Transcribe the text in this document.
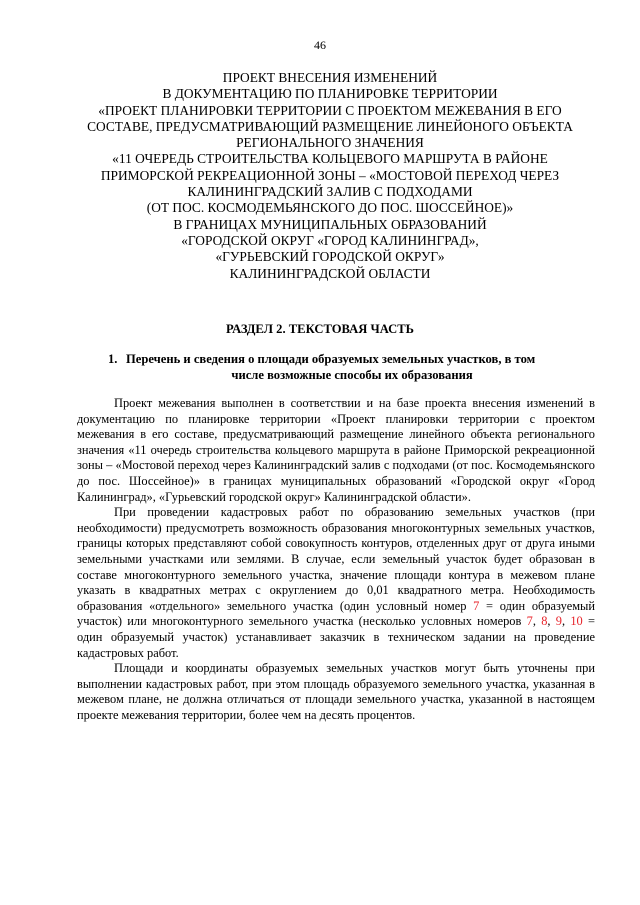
46
ПРОЕКТ ВНЕСЕНИЯ ИЗМЕНЕНИЙ
В ДОКУМЕНТАЦИЮ ПО ПЛАНИРОВКЕ ТЕРРИТОРИИ
«ПРОЕКТ ПЛАНИРОВКИ ТЕРРИТОРИИ С ПРОЕКТОМ МЕЖЕВАНИЯ В ЕГО
СОСТАВЕ, ПРЕДУСМАТРИВАЮЩИЙ РАЗМЕЩЕНИЕ ЛИНЕЙОНОГО ОБЪЕКТА
РЕГИОНАЛЬНОГО ЗНАЧЕНИЯ
«11 ОЧЕРЕДЬ СТРОИТЕЛЬСТВА КОЛЬЦЕВОГО МАРШРУТА В РАЙОНЕ
ПРИМОРСКОЙ РЕКРЕАЦИОННОЙ ЗОНЫ – «МОСТОВОЙ ПЕРЕХОД ЧЕРЕЗ
КАЛИНИНГРАДСКИЙ ЗАЛИВ С ПОДХОДАМИ
(ОТ ПОС. КОСМОДЕМЬЯНСКОГО ДО ПОС. ШОССЕЙНОЕ)»
В ГРАНИЦАХ МУНИЦИПАЛЬНЫХ ОБРАЗОВАНИЙ
«ГОРОДСКОЙ ОКРУГ «ГОРОД КАЛИНИНГРАД»,
«ГУРЬЕВСКИЙ ГОРОДСКОЙ ОКРУГ»
КАЛИНИНГРАДСКОЙ ОБЛАСТИ
РАЗДЕЛ 2. ТЕКСТОВАЯ ЧАСТЬ
1. Перечень и сведения о площади образуемых земельных участков, в том
числе возможные способы их образования

Проект межевания выполнен в соответствии и на базе проекта внесения изменений в документацию по планировке территории «Проект планировки территории с проектом межевания в его составе, предусматривающий размещение линейного объекта регионального значения «11 очередь строительства кольцевого маршрута в районе Приморской рекреационной зоны – «Мостовой переход через Калининградский залив с подходами (от пос. Космодемьянского до пос. Шоссейное)» в границах муниципальных образований «Городской округ «Город Калининград», «Гурьевский городской округ» Калининградской области».

При проведении кадастровых работ по образованию земельных участков (при необходимости) предусмотреть возможность образования многоконтурных земельных участков, границы которых представляют собой совокупность контуров, отделенных друг от друга иными земельными участками или землями. В случае, если земельный участок будет образован в составе многоконтурного земельного участка, значение площади контура в межевом плане указать в квадратных метрах с округлением до 0,01 квадратного метра. Необходимость образования «отдельного» земельного участка (один условный номер 7 = один образуемый участок) или многоконтурного земельного участка (несколько условных номеров 7, 8, 9, 10 = один образуемый участок) устанавливает заказчик в техническом задании на проведение кадастровых работ.

Площади и координаты образуемых земельных участков могут быть уточнены при выполнении кадастровых работ, при этом площадь образуемого земельного участка, указанная в межевом плане, не должна отличаться от площади земельного участка, указанной в настоящем проекте межевания территории, более чем на десять процентов.
